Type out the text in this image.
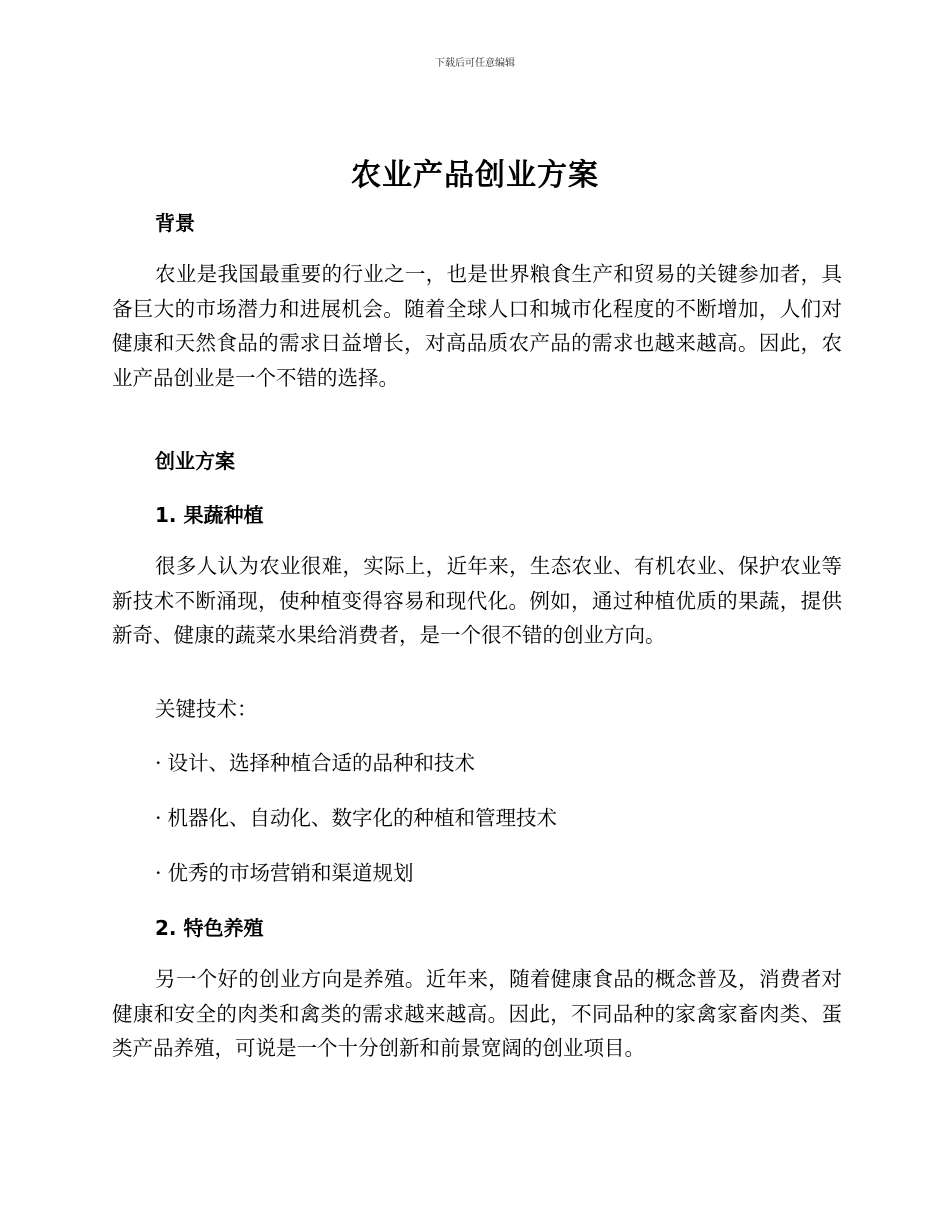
下载后可任意编辑
农业产品创业方案
背景
农业是我国最重要的行业之一，也是世界粮食生产和贸易的关键参加者，具备巨大的市场潜力和进展机会。随着全球人口和城市化程度的不断增加，人们对健康和天然食品的需求日益增长，对高品质农产品的需求也越来越高。因此，农业产品创业是一个不错的选择。
创业方案
1. 果蔬种植
很多人认为农业很难，实际上，近年来，生态农业、有机农业、保护农业等新技术不断涌现，使种植变得容易和现代化。例如，通过种植优质的果蔬，提供新奇、健康的蔬菜水果给消费者，是一个很不错的创业方向。
关键技术：
· 设计、选择种植合适的品种和技术
· 机器化、自动化、数字化的种植和管理技术
· 优秀的市场营销和渠道规划
2. 特色养殖
另一个好的创业方向是养殖。近年来，随着健康食品的概念普及，消费者对健康和安全的肉类和禽类的需求越来越高。因此，不同品种的家禽家畜肉类、蛋类产品养殖，可说是一个十分创新和前景宽阔的创业项目。
